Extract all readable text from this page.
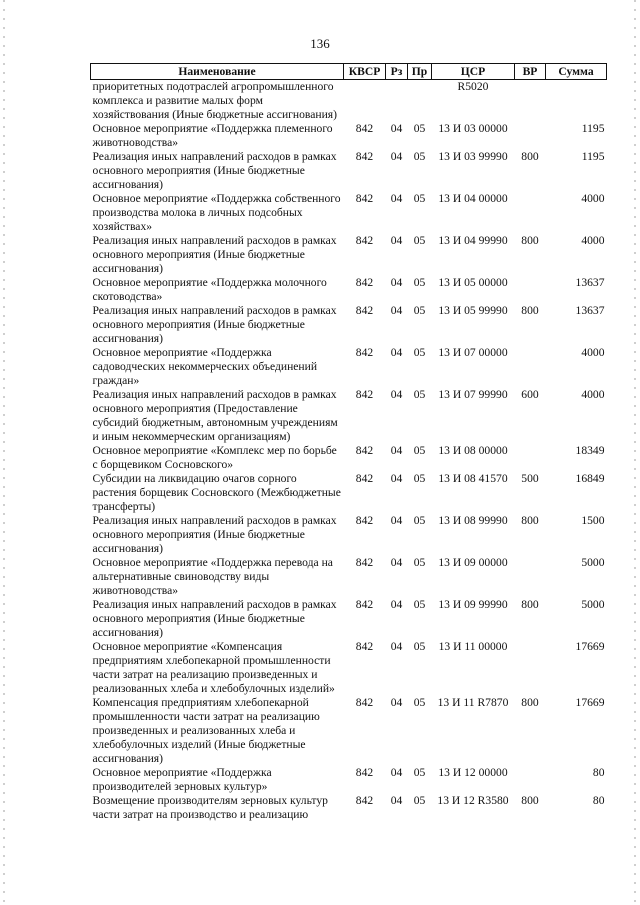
136
Наименование	КВСР	Рз	Пр	ЦСР	ВР	Сумма
приоритетных подотраслей агропромышленного комплекса и развитие малых форм хозяйствования (Иные бюджетные ассигнования)				R5020		
Основное мероприятие «Поддержка племенного животноводства»	842	04	05	13 И 03 00000		1195
Реализация иных направлений расходов в рамках основного мероприятия (Иные бюджетные ассигнования)	842	04	05	13 И 03 99990	800	1195
Основное мероприятие «Поддержка собственного производства молока в личных подсобных хозяйствах»	842	04	05	13 И 04 00000		4000
Реализация иных направлений расходов в рамках основного мероприятия (Иные бюджетные ассигнования)	842	04	05	13 И 04 99990	800	4000
Основное мероприятие «Поддержка молочного скотоводства»	842	04	05	13 И 05 00000		13637
Реализация иных направлений расходов в рамках основного мероприятия (Иные бюджетные ассигнования)	842	04	05	13 И 05 99990	800	13637
Основное мероприятие «Поддержка садоводческих некоммерческих объединений граждан»	842	04	05	13 И 07 00000		4000
Реализация иных направлений расходов в рамках основного мероприятия (Предоставление субсидий бюджетным, автономным учреждениям и иным некоммерческим организациям)	842	04	05	13 И 07 99990	600	4000
Основное мероприятие «Комплекс мер по борьбе с борщевиком Сосновского»	842	04	05	13 И 08 00000		18349
Субсидии на ликвидацию очагов сорного растения борщевик Сосновского (Межбюджетные трансферты)	842	04	05	13 И 08 41570	500	16849
Реализация иных направлений расходов в рамках основного мероприятия (Иные бюджетные ассигнования)	842	04	05	13 И 08 99990	800	1500
Основное мероприятие «Поддержка перевода на альтернативные свиноводству виды животноводства»	842	04	05	13 И 09 00000		5000
Реализация иных направлений расходов в рамках основного мероприятия (Иные бюджетные ассигнования)	842	04	05	13 И 09 99990	800	5000
Основное мероприятие «Компенсация предприятиям хлебопекарной промышленности части затрат на реализацию произведенных и реализованных хлеба и хлебобулочных изделий»	842	04	05	13 И 11 00000		17669
Компенсация предприятиям хлебопекарной промышленности части затрат на реализацию произведенных и реализованных хлеба и хлебобулочных изделий (Иные бюджетные ассигнования)	842	04	05	13 И 11 R7870	800	17669
Основное мероприятие «Поддержка производителей зерновых культур»	842	04	05	13 И 12 00000		80
Возмещение производителям зерновых культур части затрат на производство и реализацию	842	04	05	13 И 12 R3580	800	80
